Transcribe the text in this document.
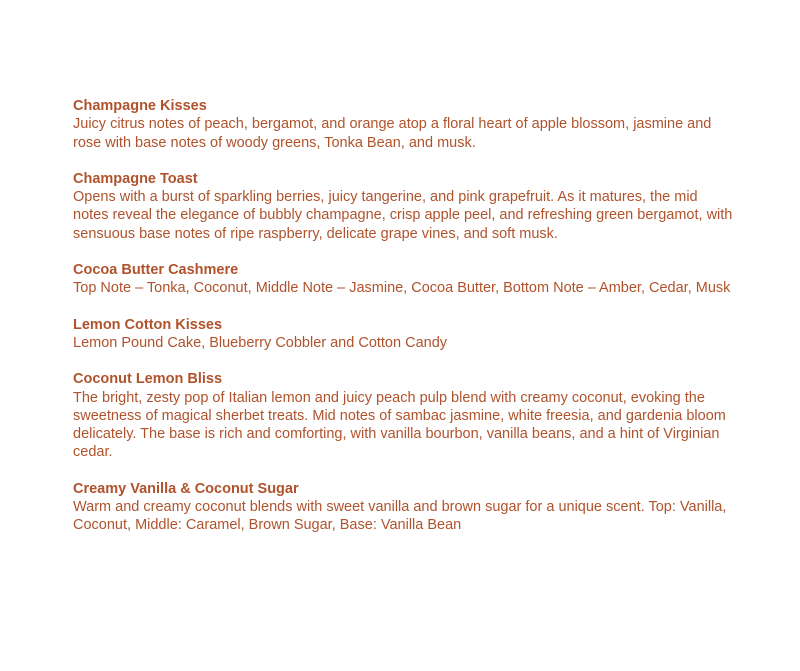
Champagne Kisses

Juicy citrus notes of peach, bergamot, and orange atop a floral heart of apple blossom, jasmine and rose with base notes of woody greens, Tonka Bean, and musk.

Champagne Toast

Opens with a burst of sparkling berries, juicy tangerine, and pink grapefruit. As it matures, the mid notes reveal the elegance of bubbly champagne, crisp apple peel, and refreshing green bergamot, with sensuous base notes of ripe raspberry, delicate grape vines, and soft musk.

Cocoa Butter Cashmere

Top Note – Tonka, Coconut, Middle Note – Jasmine, Cocoa Butter, Bottom Note – Amber, Cedar, Musk

Lemon Cotton Kisses

Lemon Pound Cake, Blueberry Cobbler and Cotton Candy

Coconut Lemon Bliss

The bright, zesty pop of Italian lemon and juicy peach pulp blend with creamy coconut, evoking the sweetness of magical sherbet treats. Mid notes of sambac jasmine, white freesia, and gardenia bloom delicately. The base is rich and comforting, with vanilla bourbon, vanilla beans, and a hint of Virginian cedar.

Creamy Vanilla & Coconut Sugar

Warm and creamy coconut blends with sweet vanilla and brown sugar for a unique scent. Top: Vanilla, Coconut, Middle: Caramel, Brown Sugar, Base: Vanilla Bean
